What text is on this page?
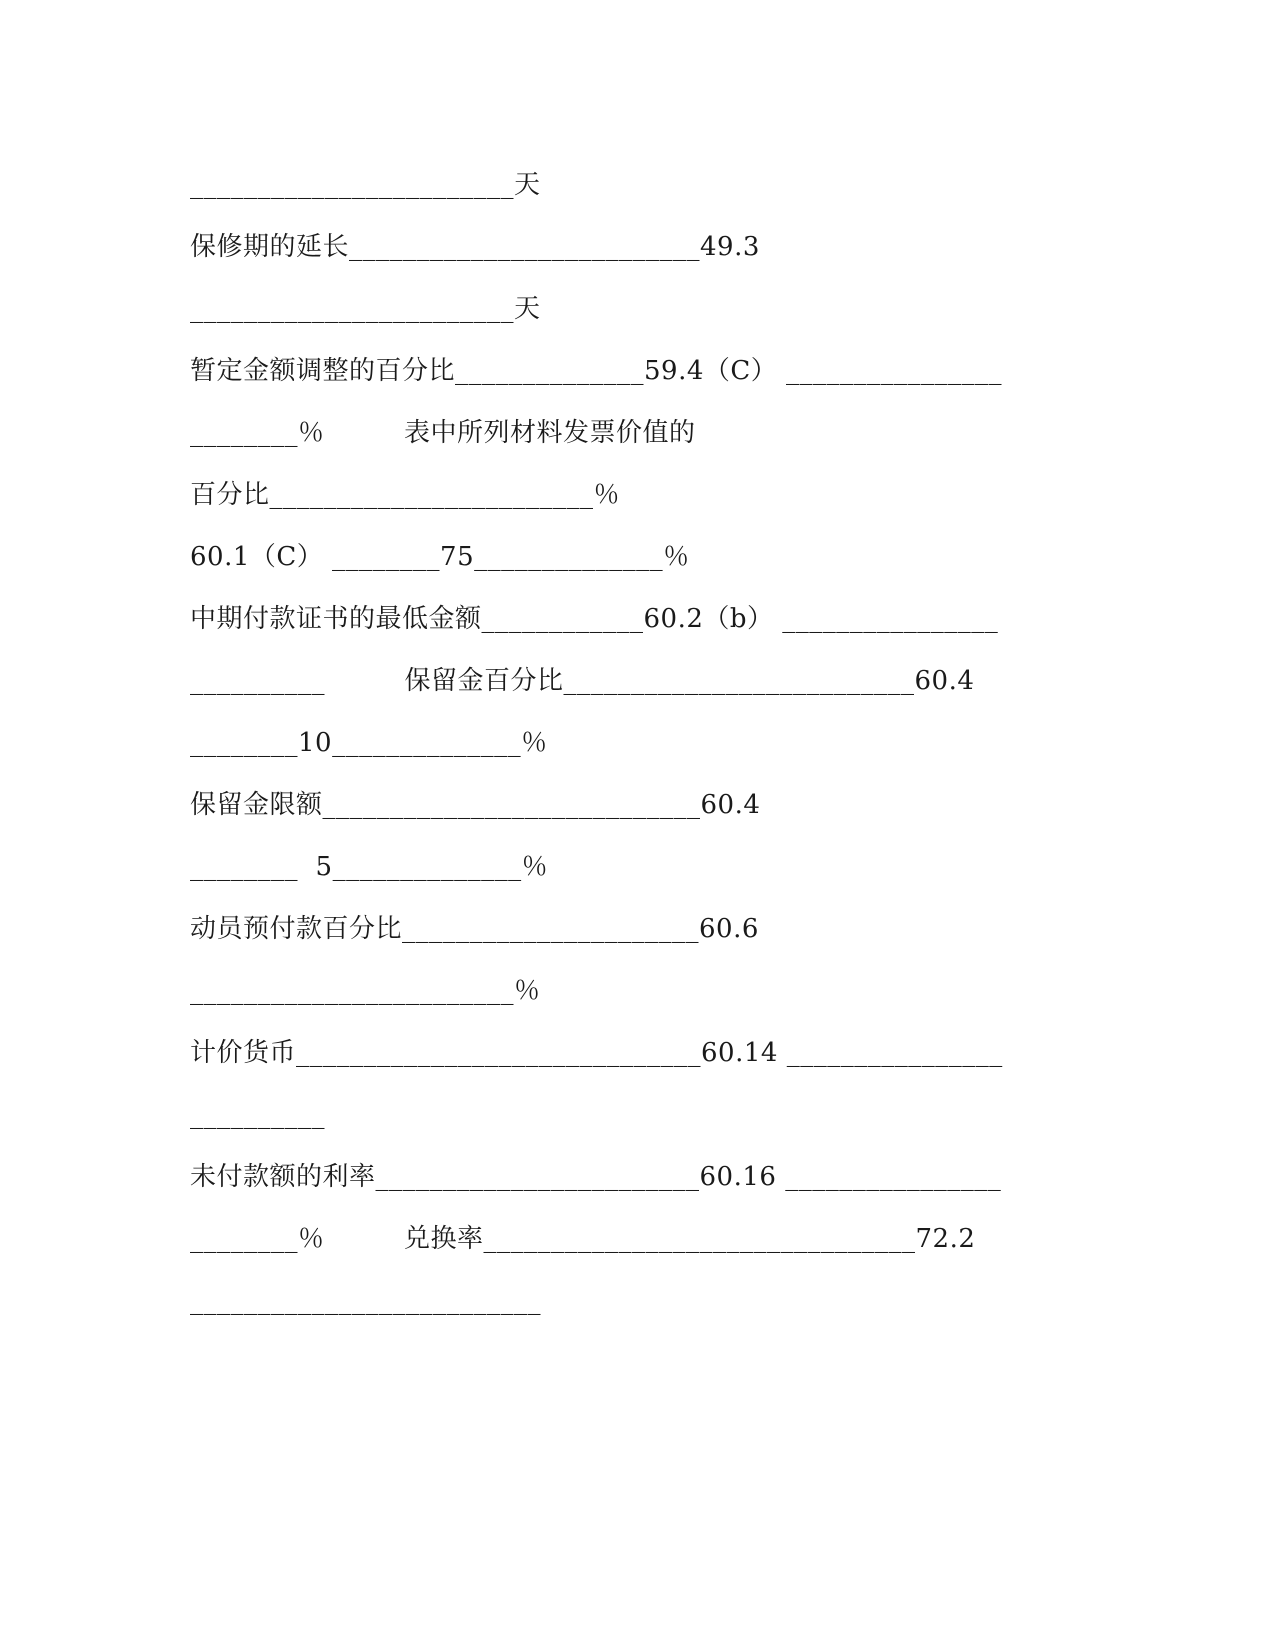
________________________天
保修期的延长__________________________49.3
________________________天
暂定金额调整的百分比______________59.4（C） ________________
________％　　　表中所列材料发票价值的
百分比________________________％
60.1（C） ________75______________％
中期付款证书的最低金额____________60.2（b） ________________
__________　　　保留金百分比__________________________60.4
________10______________％
保留金限额____________________________60.4
________  5______________％
动员预付款百分比______________________60.6
________________________％
计价货币______________________________60.14 ________________
__________
未付款额的利率________________________60.16 ________________
________％　　　兑换率________________________________72.2
__________________________
